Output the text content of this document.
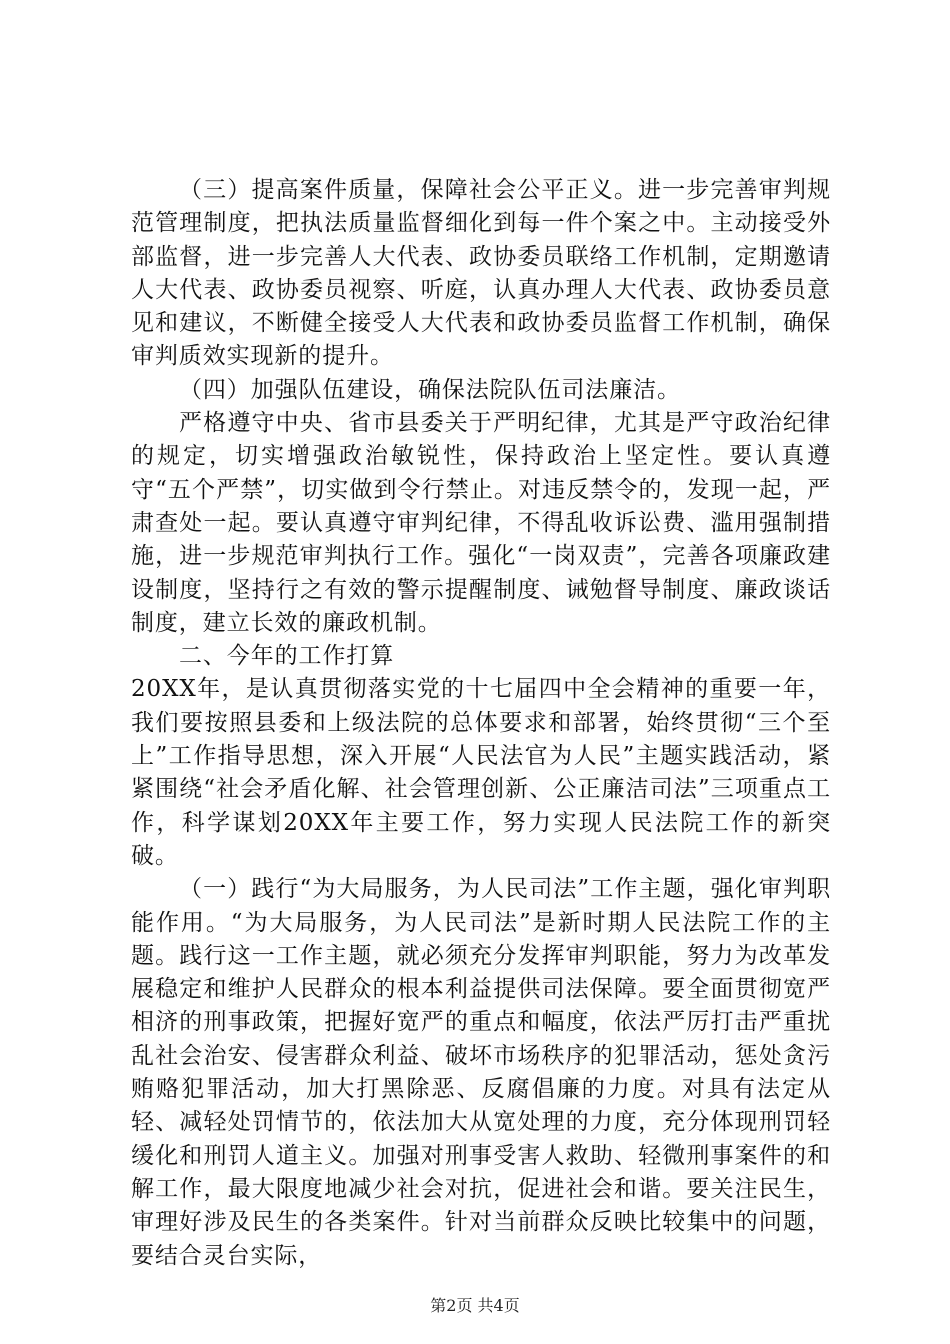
（三）提高案件质量，保障社会公平正义。进一步完善审判规范管理制度，把执法质量监督细化到每一件个案之中。主动接受外部监督，进一步完善人大代表、政协委员联络工作机制，定期邀请人大代表、政协委员视察、听庭，认真办理人大代表、政协委员意见和建议，不断健全接受人大代表和政协委员监督工作机制，确保审判质效实现新的提升。

（四）加强队伍建设，确保法院队伍司法廉洁。

严格遵守中央、省市县委关于严明纪律，尤其是严守政治纪律的规定，切实增强政治敏锐性，保持政治上坚定性。要认真遵守“五个严禁”，切实做到令行禁止。对违反禁令的，发现一起，严肃查处一起。要认真遵守审判纪律，不得乱收诉讼费、滥用强制措施，进一步规范审判执行工作。强化“一岗双责”，完善各项廉政建设制度，坚持行之有效的警示提醒制度、诫勉督导制度、廉政谈话制度，建立长效的廉政机制。

二、今年的工作打算

20XX年，是认真贯彻落实党的十七届四中全会精神的重要一年，我们要按照县委和上级法院的总体要求和部署，始终贯彻“三个至上”工作指导思想，深入开展“人民法官为人民”主题实践活动，紧紧围绕“社会矛盾化解、社会管理创新、公正廉洁司法”三项重点工作，科学谋划20XX年主要工作，努力实现人民法院工作的新突破。

（一）践行“为大局服务，为人民司法”工作主题，强化审判职能作用。“为大局服务，为人民司法”是新时期人民法院工作的主题。践行这一工作主题，就必须充分发挥审判职能，努力为改革发展稳定和维护人民群众的根本利益提供司法保障。要全面贯彻宽严相济的刑事政策，把握好宽严的重点和幅度，依法严厉打击严重扰乱社会治安、侵害群众利益、破坏市场秩序的犯罪活动，惩处贪污贿赂犯罪活动，加大打黑除恶、反腐倡廉的力度。对具有法定从轻、减轻处罚情节的，依法加大从宽处理的力度，充分体现刑罚轻缓化和刑罚人道主义。加强对刑事受害人救助、轻微刑事案件的和解工作，最大限度地减少社会对抗，促进社会和谐。要关注民生，审理好涉及民生的各类案件。针对当前群众反映比较集中的问题，要结合灵台实际，

第2页 共4页
